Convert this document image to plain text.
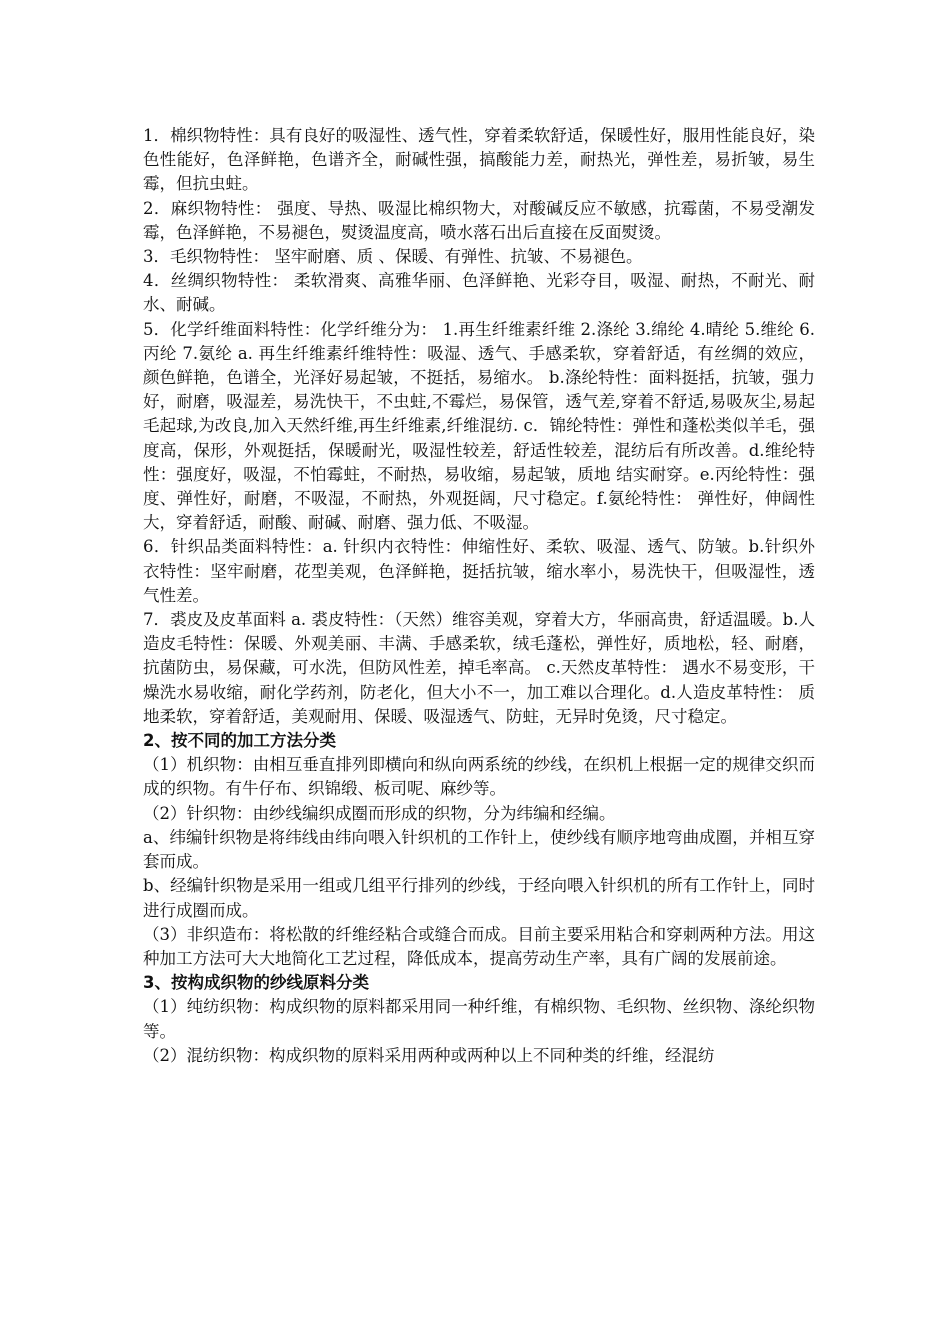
1．棉织物特性：具有良好的吸湿性、透气性，穿着柔软舒适，保暖性好，服用性能良好，染色性能好，色泽鲜艳，色谱齐全，耐碱性强，搞酸能力差，耐热光，弹性差，易折皱，易生霉，但抗虫蛀。

2．麻织物特性： 强度、导热、吸湿比棉织物大，对酸碱反应不敏感，抗霉菌，不易受潮发霉，色泽鲜艳，不易褪色，熨烫温度高，喷水落石出后直接在反面熨烫。

3．毛织物特性： 坚牢耐磨、质 、保暖、有弹性、抗皱、不易褪色。

4．丝绸织物特性： 柔软滑爽、高雅华丽、色泽鲜艳、光彩夺目，吸湿、耐热，不耐光、耐水、耐碱。

5．化学纤维面料特性：化学纤维分为： 1.再生纤维素纤维 2.涤纶 3.绵纶 4.晴纶 5.维纶 6.丙纶 7.氨纶 a. 再生纤维素纤维特性：吸湿、透气、手感柔软，穿着舒适，有丝绸的效应，颜色鲜艳，色谱全，光泽好易起皱，不挺括，易缩水。 b.涤纶特性：面料挺括，抗皱，强力好，耐磨，吸湿差，易洗快干，不虫蛀,不霉烂，易保管，透气差,穿着不舒适,易吸灰尘,易起毛起球,为改良,加入天然纤维,再生纤维素,纤维混纺. c．锦纶特性：弹性和蓬松类似羊毛，强度高，保形，外观挺括，保暖耐光，吸湿性较差，舒适性较差，混纺后有所改善。d.维纶特性：强度好，吸湿，不怕霉蛀，不耐热，易收缩，易起皱，质地 结实耐穿。e.丙纶特性：强度、弹性好，耐磨，不吸湿，不耐热，外观挺阔，尺寸稳定。f.氨纶特性： 弹性好，伸阔性大，穿着舒适，耐酸、耐碱、耐磨、强力低、不吸湿。

6．针织品类面料特性：a. 针织内衣特性：伸缩性好、柔软、吸湿、透气、防皱。b.针织外衣特性：坚牢耐磨，花型美观，色泽鲜艳，挺括抗皱，缩水率小，易洗快干，但吸湿性，透气性差。

7．裘皮及皮革面料 a. 裘皮特性：（天然）维容美观，穿着大方，华丽高贵，舒适温暖。b.人造皮毛特性：保暖、外观美丽、丰满、手感柔软，绒毛蓬松，弹性好，质地松，轻、耐磨，抗菌防虫，易保藏，可水洗，但防风性差，掉毛率高。 c.天然皮革特性： 遇水不易变形，干燥洗水易收缩，耐化学药剂，防老化，但大小不一，加工难以合理化。d.人造皮革特性： 质地柔软，穿着舒适，美观耐用、保暖、吸湿透气、防蛀，无异时免烫，尺寸稳定。

2、按不同的加工方法分类

（1）机织物：由相互垂直排列即横向和纵向两系统的纱线，在织机上根据一定的规律交织而成的织物。有牛仔布、织锦缎、板司呢、麻纱等。

（2）针织物：由纱线编织成圈而形成的织物，分为纬编和经编。

a、纬编针织物是将纬线由纬向喂入针织机的工作针上，使纱线有顺序地弯曲成圈，并相互穿套而成。

b、经编针织物是采用一组或几组平行排列的纱线，于经向喂入针织机的所有工作针上，同时进行成圈而成。

（3）非织造布：将松散的纤维经粘合或缝合而成。目前主要采用粘合和穿刺两种方法。用这种加工方法可大大地简化工艺过程，降低成本，提高劳动生产率，具有广阔的发展前途。

3、按构成织物的纱线原料分类

（1）纯纺织物：构成织物的原料都采用同一种纤维，有棉织物、毛织物、丝织物、涤纶织物等。

（2）混纺织物：构成织物的原料采用两种或两种以上不同种类的纤维，经混纺
